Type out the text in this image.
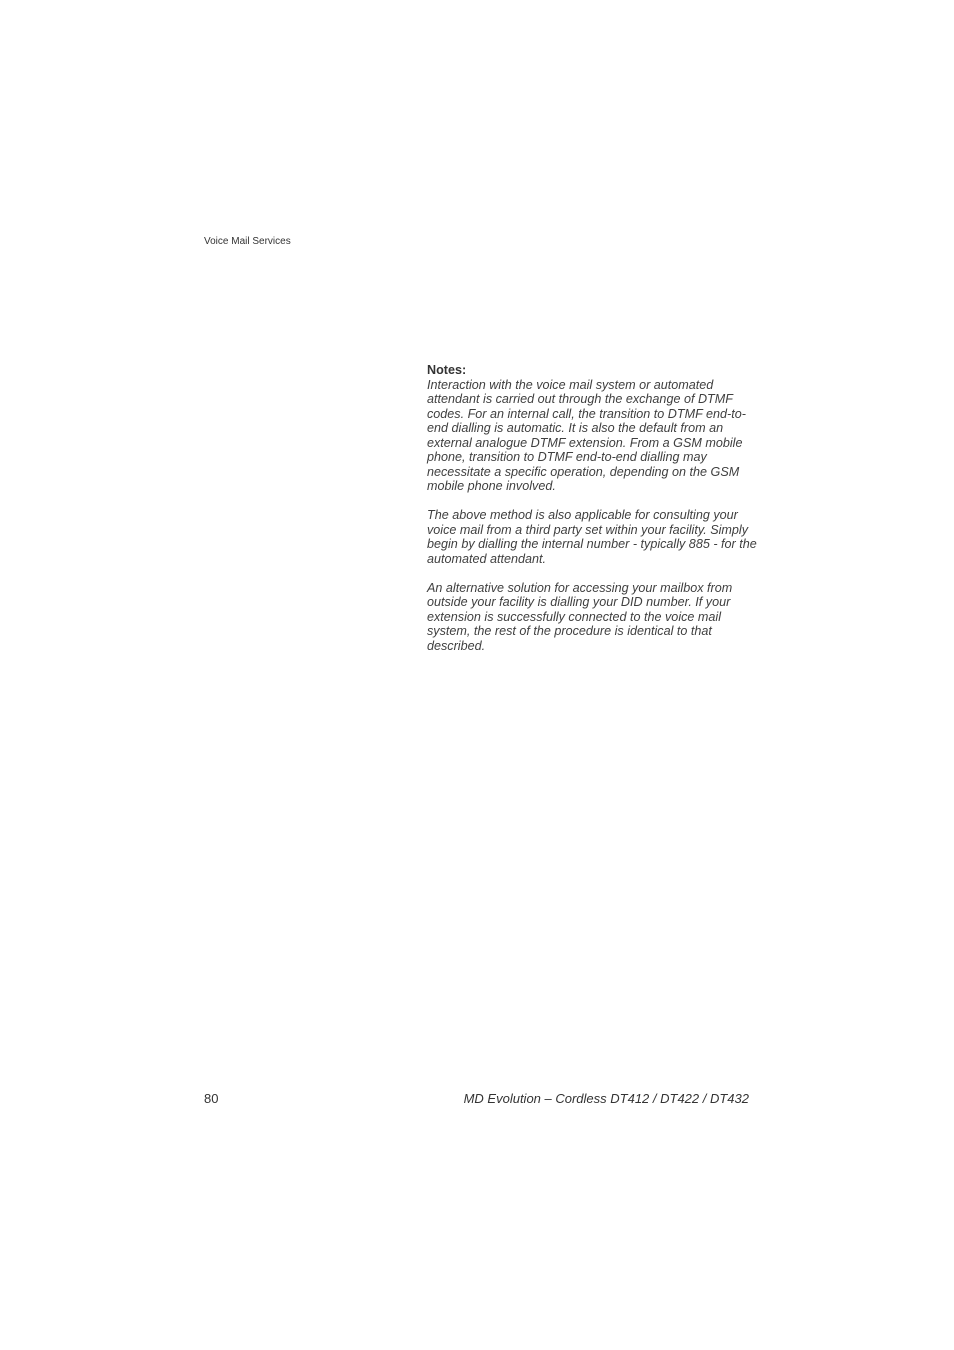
Voice Mail Services
Notes:

Interaction with the voice mail system or automated
attendant is carried out through the exchange of DTMF
codes. For an internal call, the transition to DTMF end-to-
end dialling is automatic. It is also the default from an
external analogue DTMF extension. From a GSM mobile
phone, transition to DTMF end-to-end dialling may
necessitate a specific operation, depending on the GSM
mobile phone involved.

The above method is also applicable for consulting your
voice mail from a third party set within your facility. Simply
begin by dialling the internal number - typically 885 - for the
automated attendant.

An alternative solution for accessing your mailbox from
outside your facility is dialling your DID number. If your
extension is successfully connected to the voice mail
system, the rest of the procedure is identical to that
described.

80	MD Evolution – Cordless DT412 / DT422 / DT432
